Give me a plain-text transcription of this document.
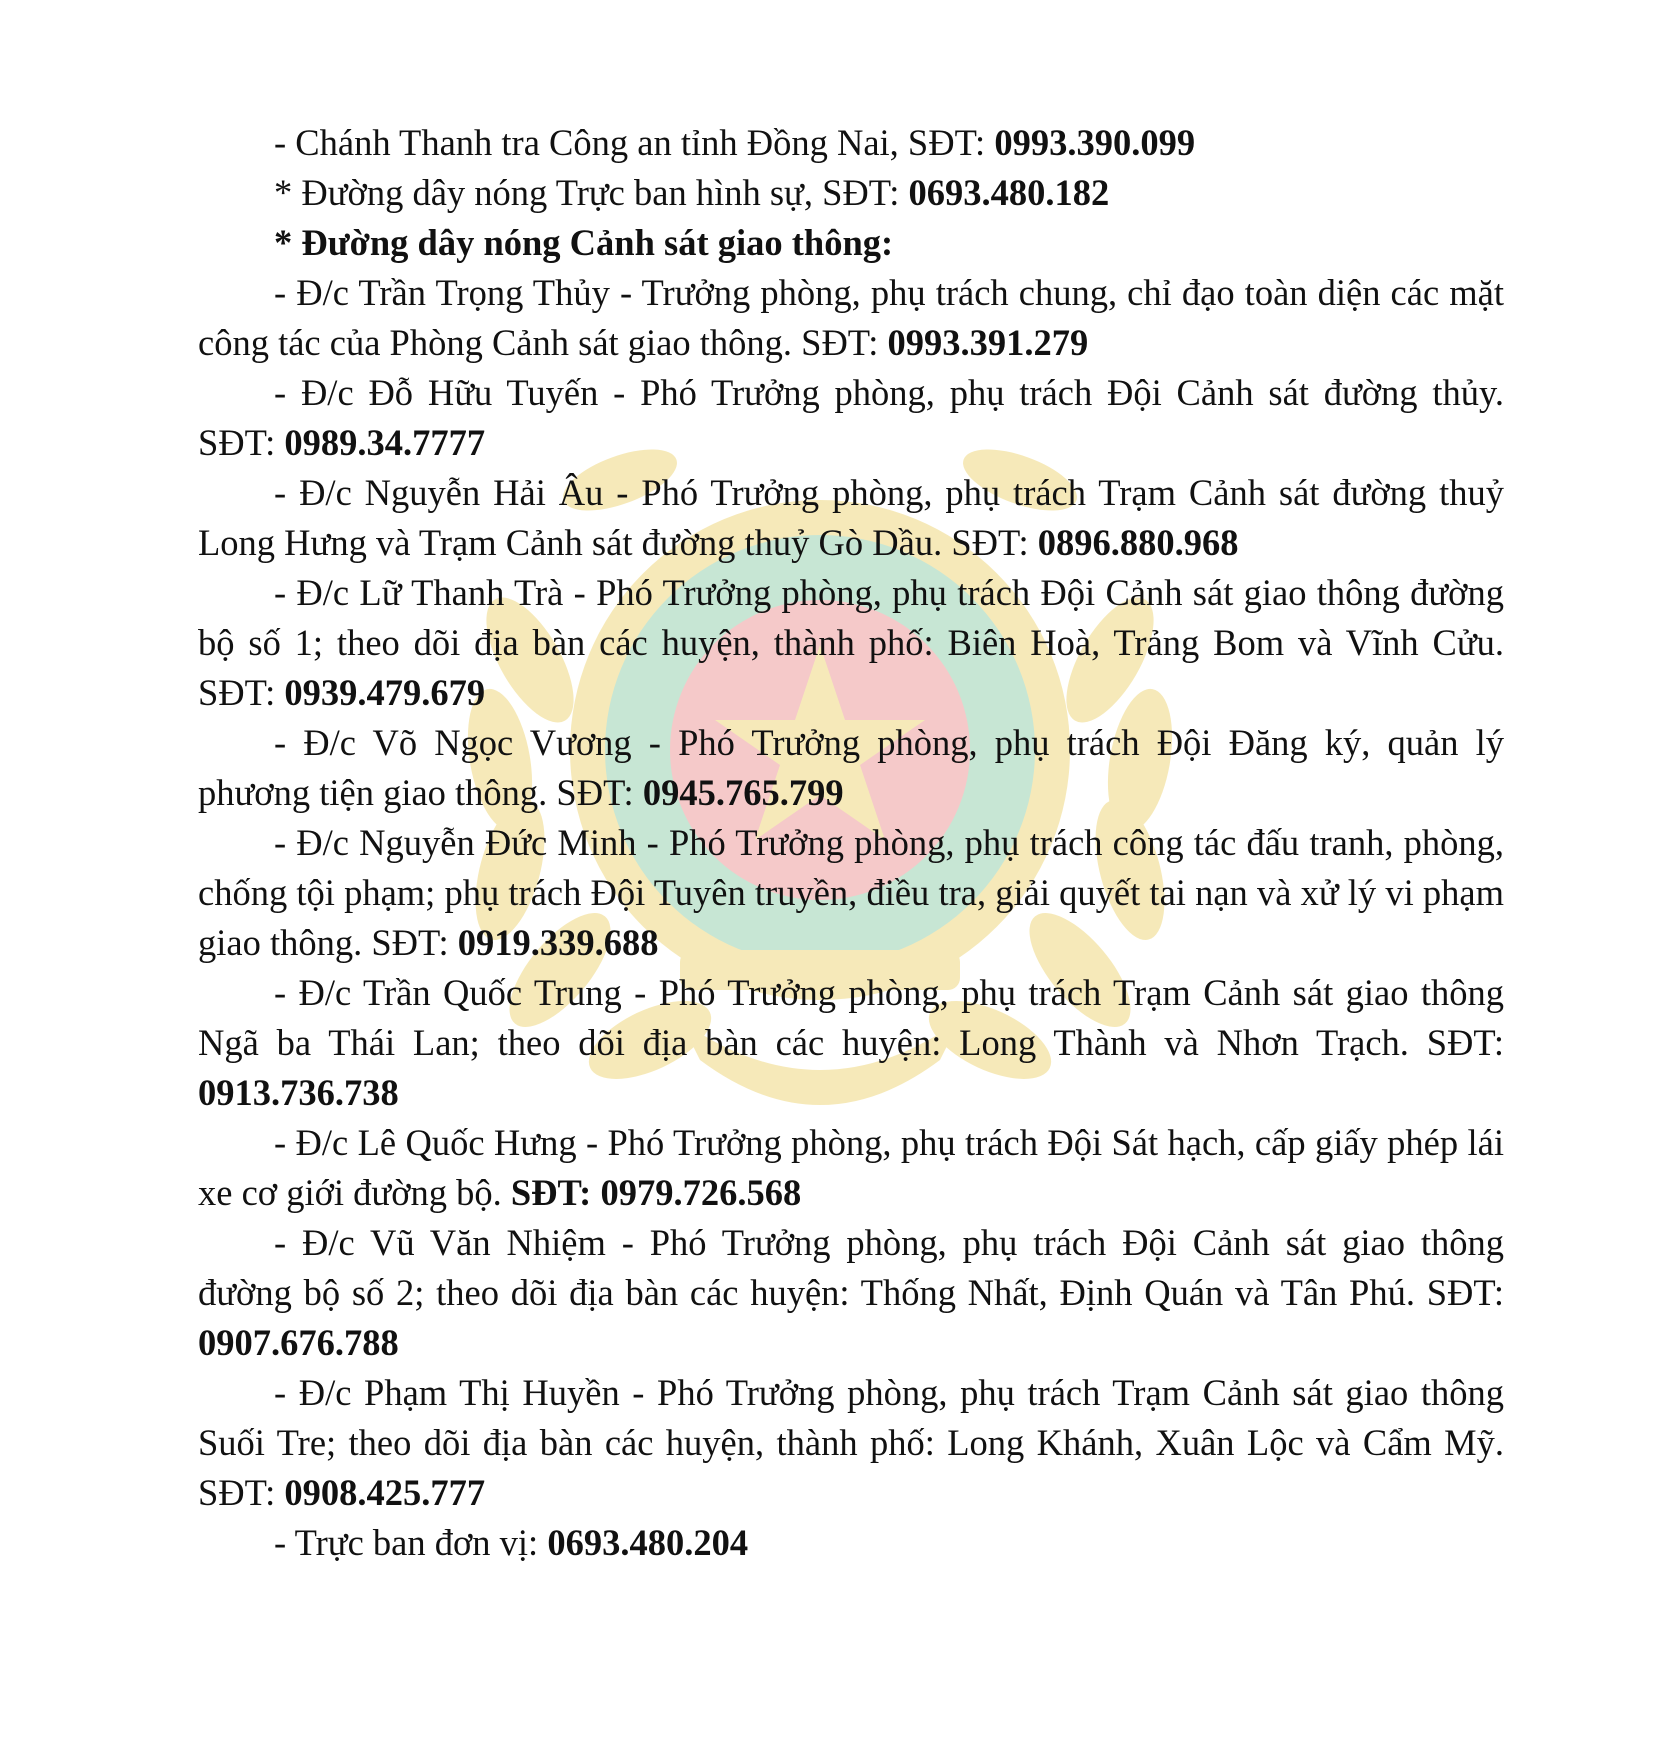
- Chánh Thanh tra Công an tỉnh Đồng Nai, SĐT: 0993.390.099

* Đường dây nóng Trực ban hình sự, SĐT: 0693.480.182

* Đường dây nóng Cảnh sát giao thông:

- Đ/c Trần Trọng Thủy - Trưởng phòng, phụ trách chung, chỉ đạo toàn diện các mặt công tác của Phòng Cảnh sát giao thông. SĐT: 0993.391.279

- Đ/c Đỗ Hữu Tuyến - Phó Trưởng phòng, phụ trách Đội Cảnh sát đường thủy. SĐT: 0989.34.7777

- Đ/c Nguyễn Hải Âu - Phó Trưởng phòng, phụ trách Trạm Cảnh sát đường thuỷ Long Hưng và Trạm Cảnh sát đường thuỷ Gò Dầu. SĐT: 0896.880.968

- Đ/c Lữ Thanh Trà - Phó Trưởng phòng, phụ trách Đội Cảnh sát giao thông đường bộ số 1; theo dõi địa bàn các huyện, thành phố: Biên Hoà, Trảng Bom và Vĩnh Cửu. SĐT: 0939.479.679

- Đ/c Võ Ngọc Vương - Phó Trưởng phòng, phụ trách Đội Đăng ký, quản lý phương tiện giao thông. SĐT: 0945.765.799

- Đ/c Nguyễn Đức Minh - Phó Trưởng phòng, phụ trách công tác đấu tranh, phòng, chống tội phạm; phụ trách Đội Tuyên truyền, điều tra, giải quyết tai nạn và xử lý vi phạm giao thông. SĐT: 0919.339.688

- Đ/c Trần Quốc Trung - Phó Trưởng phòng, phụ trách Trạm Cảnh sát giao thông Ngã ba Thái Lan; theo dõi địa bàn các huyện: Long Thành và Nhơn Trạch. SĐT: 0913.736.738

- Đ/c Lê Quốc Hưng - Phó Trưởng phòng, phụ trách Đội Sát hạch, cấp giấy phép lái xe cơ giới đường bộ. SĐT: 0979.726.568

- Đ/c Vũ Văn Nhiệm - Phó Trưởng phòng, phụ trách Đội Cảnh sát giao thông đường bộ số 2; theo dõi địa bàn các huyện: Thống Nhất, Định Quán và Tân Phú. SĐT: 0907.676.788

- Đ/c Phạm Thị Huyền - Phó Trưởng phòng, phụ trách Trạm Cảnh sát giao thông Suối Tre; theo dõi địa bàn các huyện, thành phố: Long Khánh, Xuân Lộc và Cẩm Mỹ. SĐT: 0908.425.777

- Trực ban đơn vị: 0693.480.204
